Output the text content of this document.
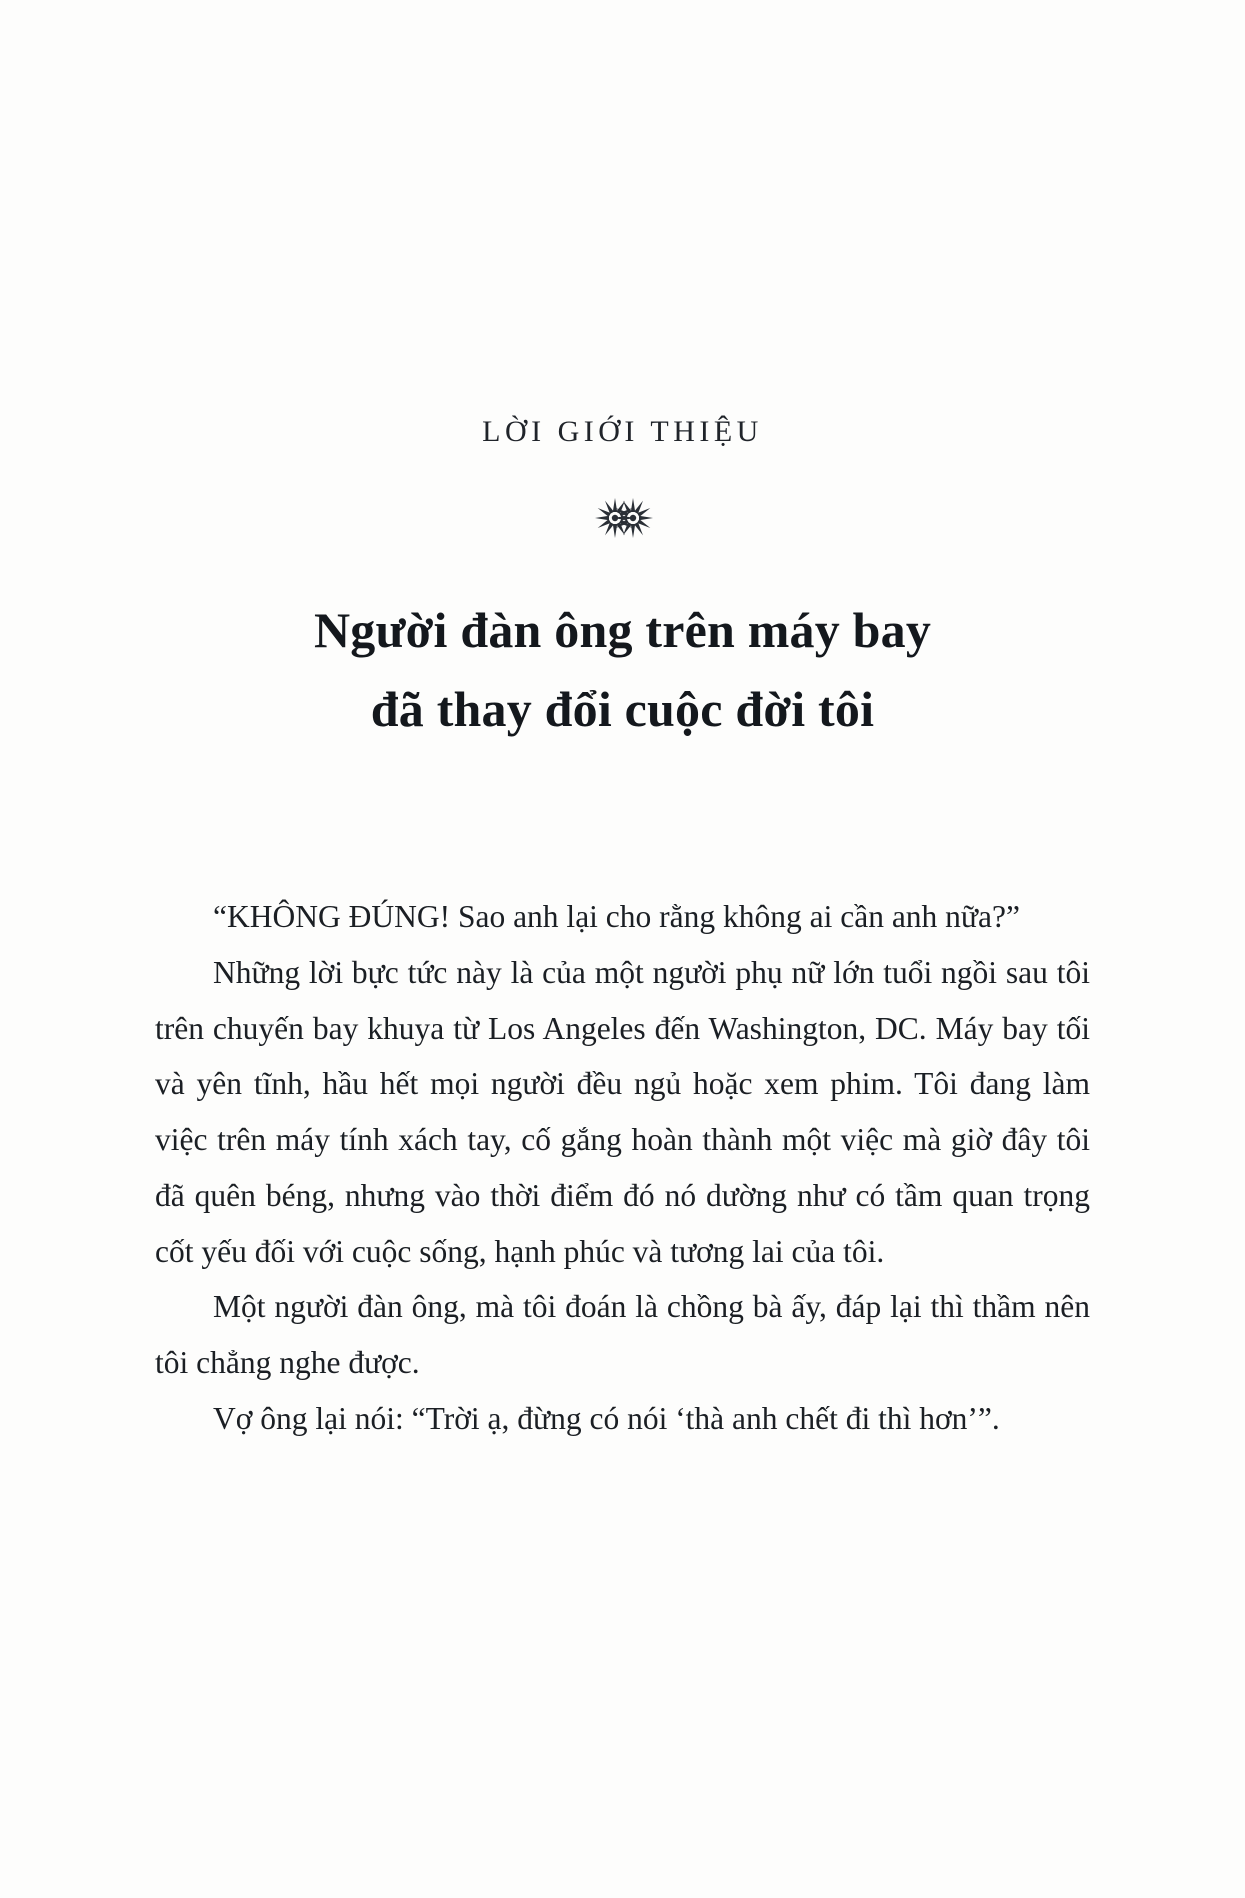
LỜI GIỚI THIỆU
Người đàn ông trên máy bay
đã thay đổi cuộc đời tôi

“KHÔNG ĐÚNG! Sao anh lại cho rằng không ai cần anh nữa?”

Những lời bực tức này là của một người phụ nữ lớn tuổi ngồi sau tôi trên chuyến bay khuya từ Los Angeles đến Washington, DC. Máy bay tối và yên tĩnh, hầu hết mọi người đều ngủ hoặc xem phim. Tôi đang làm việc trên máy tính xách tay, cố gắng hoàn thành một việc mà giờ đây tôi đã quên béng, nhưng vào thời điểm đó nó dường như có tầm quan trọng cốt yếu đối với cuộc sống, hạnh phúc và tương lai của tôi.

Một người đàn ông, mà tôi đoán là chồng bà ấy, đáp lại thì thầm nên tôi chẳng nghe được.

Vợ ông lại nói: “Trời ạ, đừng có nói ‘thà anh chết đi thì hơn’”.
